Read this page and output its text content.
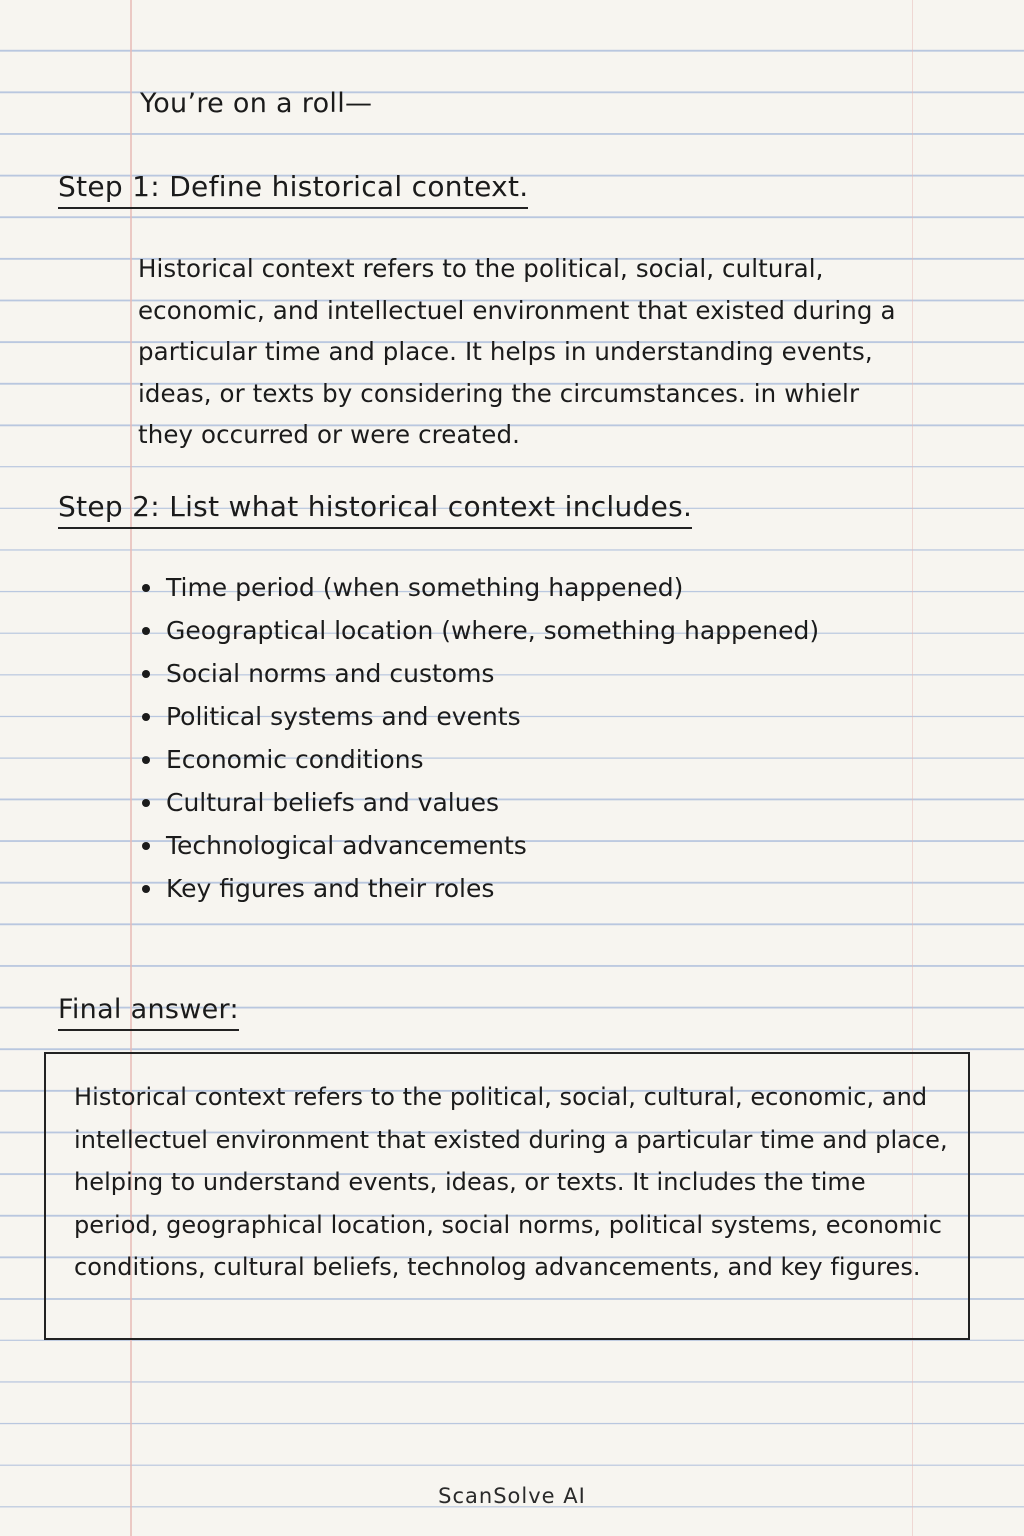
You’re on a roll—
Step 1: Define historical context.

Historical context refers to the political, social, cultural, economic, and intellectuel environment that existed during a particular time and place. It helps in understanding events, ideas, or texts by considering the circumstances. in whielr they occurred or were created.

Step 2: List what historical context includes.
Time period (when something happened)
Geograptical location (where, something happened)
Social norms and customs
Political systems and events
Economic conditions
Cultural beliefs and values
Technological advancements
Key figures and their roles
Final answer:

Historical context refers to the political, social, cultural, economic, and intellectuel environment that existed during a particular time and place, helping to understand events, ideas, or texts. It includes the time period, geographical location, social norms, political systems, economic conditions, cultural beliefs, technolog advancements, and key figures.

ScanSolve AI
